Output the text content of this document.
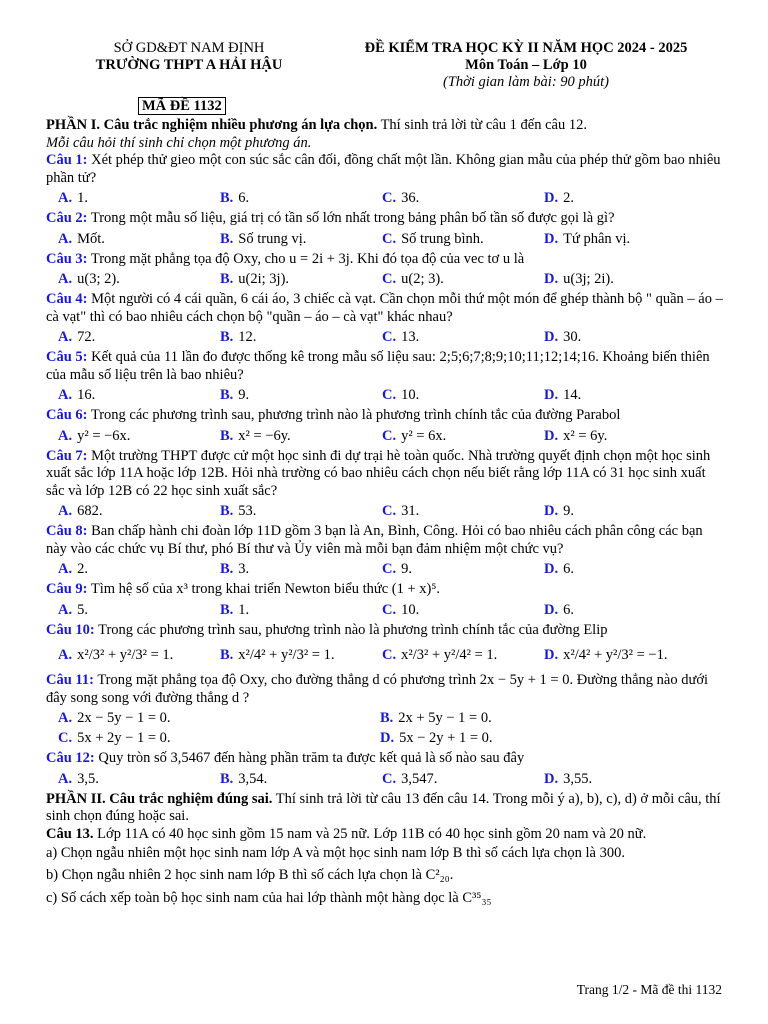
SỞ GD&ĐT NAM ĐỊNH
TRƯỜNG THPT A HẢI HẬU
ĐỀ KIỂM TRA HỌC KỲ II NĂM HỌC 2024 - 2025
Môn Toán – Lớp 10
(Thời gian làm bài: 90 phút)
MÃ ĐỀ 1132
PHẦN I. Câu trắc nghiệm nhiều phương án lựa chọn. Thí sinh trả lời từ câu 1 đến câu 12.
Mỗi câu hỏi thí sinh chỉ chọn một phương án.
Câu 1: Xét phép thử gieo một con súc sắc cân đối, đồng chất một lần. Không gian mẫu của phép thử gồm bao nhiêu phần tử?
A. 1.	B. 6.	C. 36.	D. 2.
Câu 2: Trong một mẫu số liệu, giá trị có tần số lớn nhất trong bảng phân bố tần số được gọi là gì?
A. Mốt.	B. Số trung vị.	C. Số trung bình.	D. Tứ phân vị.
Câu 3: Trong mặt phẳng tọa độ Oxy, cho u = 2i + 3j. Khi đó tọa độ của vec tơ u là
A. u(3; 2).	B. u(2i; 3j).	C. u(2; 3).	D. u(3j; 2i).
Câu 4: Một người có 4 cái quần, 6 cái áo, 3 chiếc cà vạt. Cần chọn mỗi thứ một món để ghép thành bộ " quần – áo – cà vạt" thì có bao nhiêu cách chọn bộ "quần – áo – cà vạt" khác nhau?
A. 72.	B. 12.	C. 13.	D. 30.
Câu 5: Kết quả của 11 lần đo được thống kê trong mẫu số liệu sau: 2;5;6;7;8;9;10;11;12;14;16. Khoảng biến thiên của mẫu số liệu trên là bao nhiêu?
A. 16.	B. 9.	C. 10.	D. 14.
Câu 6: Trong các phương trình sau, phương trình nào là phương trình chính tắc của đường Parabol
A. y² = −6x.	B. x² = −6y.	C. y² = 6x.	D. x² = 6y.
Câu 7: Một trường THPT được cử một học sinh đi dự trại hè toàn quốc. Nhà trường quyết định chọn một học sinh xuất sắc lớp 11A hoặc lớp 12B. Hỏi nhà trường có bao nhiêu cách chọn nếu biết rằng lớp 11A có 31 học sinh xuất sắc và lớp 12B có 22 học sinh xuất sắc?
A. 682.	B. 53.	C. 31.	D. 9.
Câu 8: Ban chấp hành chi đoàn lớp 11D gồm 3 bạn là An, Bình, Công. Hỏi có bao nhiêu cách phân công các bạn này vào các chức vụ Bí thư, phó Bí thư và Ủy viên mà mỗi bạn đảm nhiệm một chức vụ?
A. 2.	B. 3.	C. 9.	D. 6.
Câu 9: Tìm hệ số của x³ trong khai triển Newton biểu thức (1 + x)⁵.
A. 5.	B. 1.	C. 10.	D. 6.
Câu 10: Trong các phương trình sau, phương trình nào là phương trình chính tắc của đường Elip
A. x²/3² + y²/3² = 1.	B. x²/4² + y²/3² = 1.	C. x²/3² + y²/4² = 1.	D. x²/4² + y²/3² = −1.
Câu 11: Trong mặt phẳng tọa độ Oxy, cho đường thẳng d có phương trình 2x − 5y + 1 = 0. Đường thẳng nào dưới đây song song với đường thẳng d ?
A. 2x − 5y − 1 = 0.	B. 2x + 5y − 1 = 0.
C. 5x + 2y − 1 = 0.	D. 5x − 2y + 1 = 0.
Câu 12: Quy tròn số 3,5467 đến hàng phần trăm ta được kết quả là số nào sau đây
A. 3,5.	B. 3,54.	C. 3,547.	D. 3,55.
PHẦN II. Câu trắc nghiệm đúng sai. Thí sinh trả lời từ câu 13 đến câu 14. Trong mỗi ý a), b), c), d) ở mỗi câu, thí sinh chọn đúng hoặc sai.
Câu 13. Lớp 11A có 40 học sinh gồm 15 nam và 25 nữ. Lớp 11B có 40 học sinh gồm 20 nam và 20 nữ.
a) Chọn ngẫu nhiên một học sinh nam lớp A và một học sinh nam lớp B thì số cách lựa chọn là 300.
b) Chọn ngẫu nhiên 2 học sinh nam lớp B thì số cách lựa chọn là C²₂₀.
c) Số cách xếp toàn bộ học sinh nam của hai lớp thành một hàng dọc là C³⁵₃₅
Trang 1/2 - Mã đề thi 1132
